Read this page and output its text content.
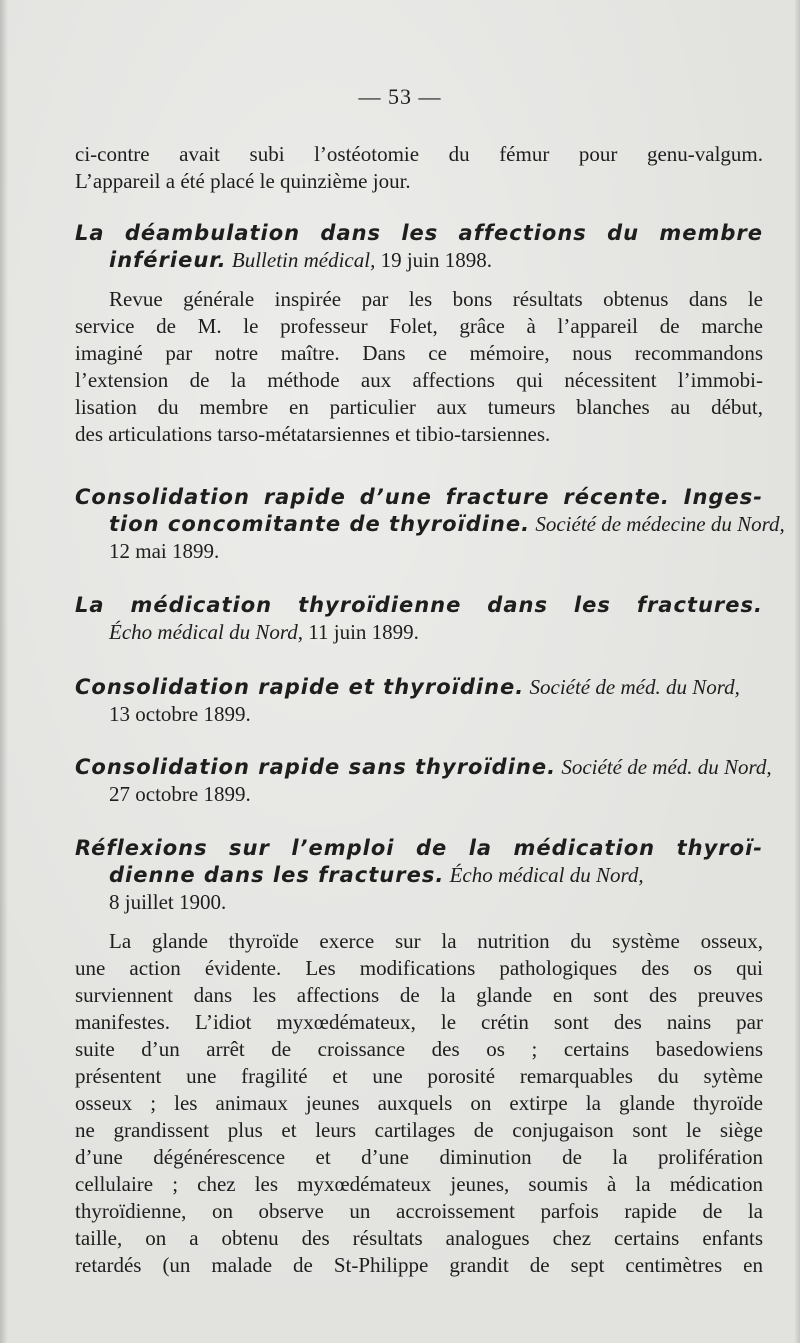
— 53 —
ci-contre avait subi l’ostéotomie du fémur pour genu-valgum.
L’appareil a été placé le quinzième jour.
La déambulation dans les affections du membre
inférieur. Bulletin médical, 19 juin 1898.
Revue générale inspirée par les bons résultats obtenus dans le
service de M. le professeur Folet, grâce à l’appareil de marche
imaginé par notre maître. Dans ce mémoire, nous recommandons
l’extension de la méthode aux affections qui nécessitent l’immobi-
lisation du membre en particulier aux tumeurs blanches au début,
des articulations tarso-métatarsiennes et tibio-tarsiennes.
Consolidation rapide d’une fracture récente. Inges-
tion concomitante de thyroïdine. Société de médecine du Nord,
12 mai 1899.
La médication thyroïdienne dans les fractures.
Écho médical du Nord, 11 juin 1899.
Consolidation rapide et thyroïdine. Société de méd. du Nord,
13 octobre 1899.
Consolidation rapide sans thyroïdine. Société de méd. du Nord,
27 octobre 1899.
Réflexions sur l’emploi de la médication thyroï-
dienne dans les fractures. Écho médical du Nord,
8 juillet 1900.
La glande thyroïde exerce sur la nutrition du système osseux,
une action évidente. Les modifications pathologiques des os qui
surviennent dans les affections de la glande en sont des preuves
manifestes. L’idiot myxœdémateux, le crétin sont des nains par
suite d’un arrêt de croissance des os ; certains basedowiens
présentent une fragilité et une porosité remarquables du sytème
osseux ; les animaux jeunes auxquels on extirpe la glande thyroïde
ne grandissent plus et leurs cartilages de conjugaison sont le siège
d’une dégénérescence et d’une diminution de la prolifération
cellulaire ; chez les myxœdémateux jeunes, soumis à la médication
thyroïdienne, on observe un accroissement parfois rapide de la
taille, on a obtenu des résultats analogues chez certains enfants
retardés (un malade de St-Philippe grandit de sept centimètres en
